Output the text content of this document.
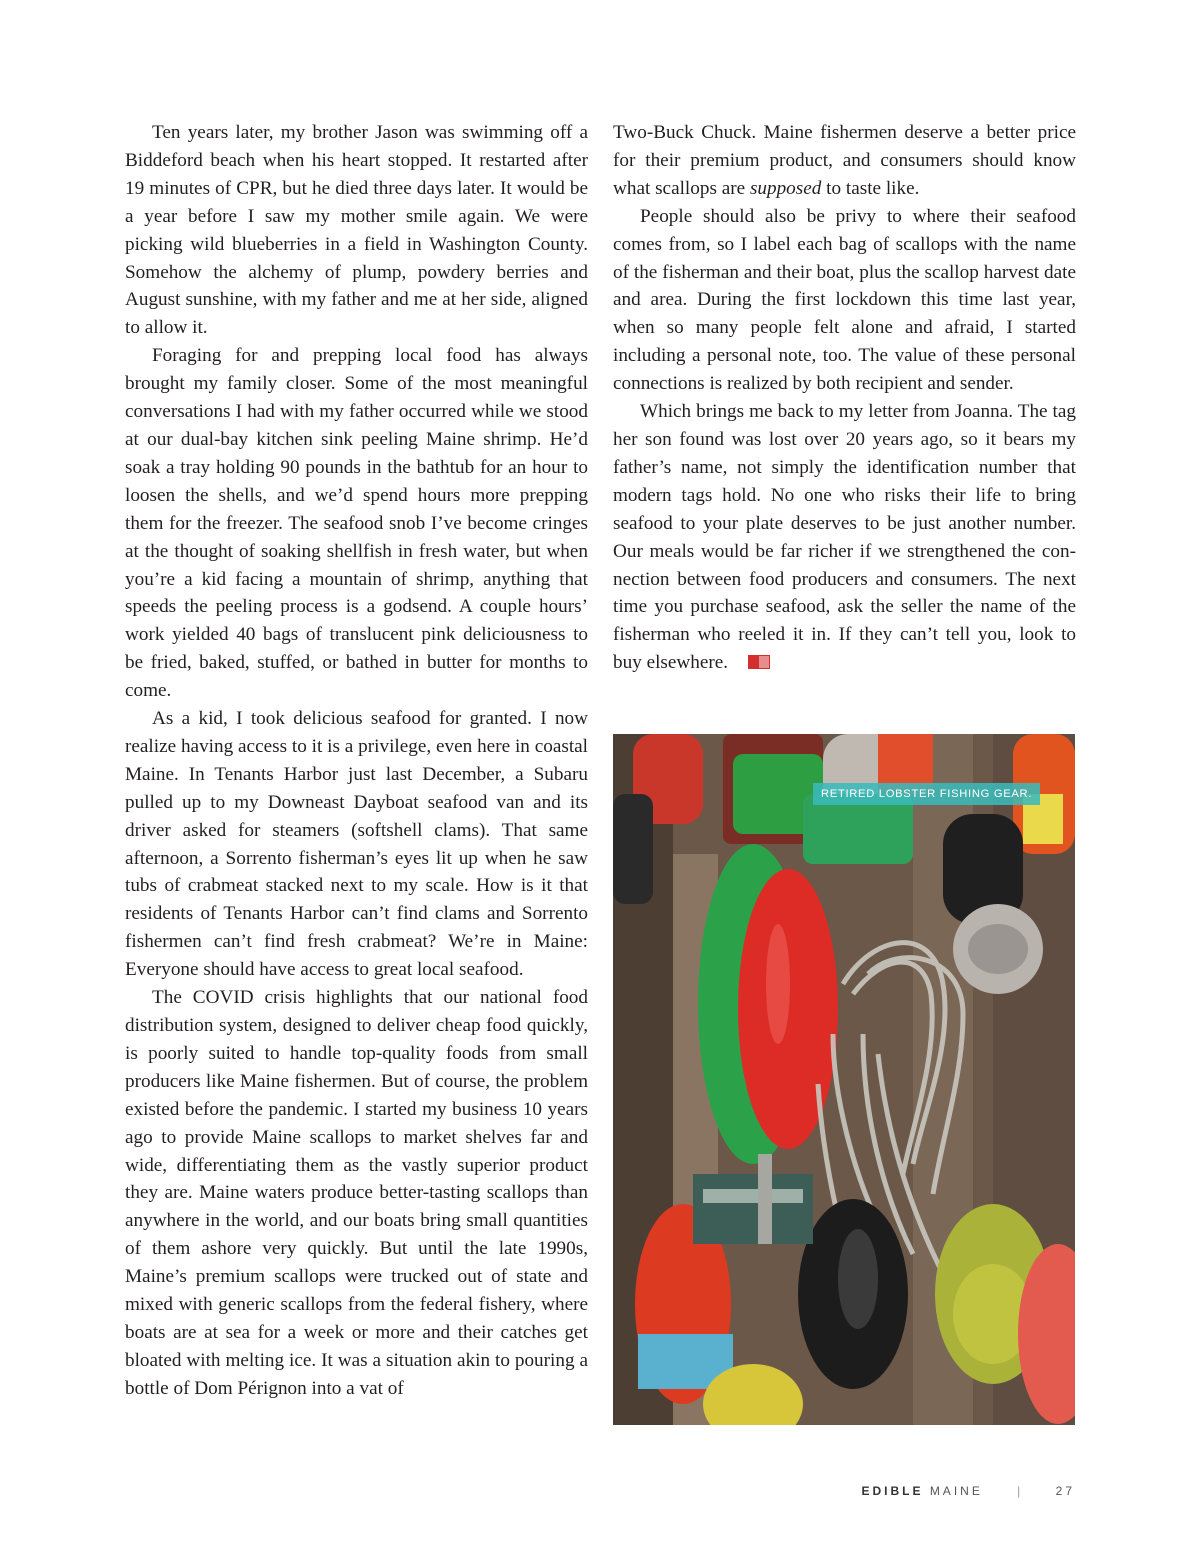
Ten years later, my brother Jason was swimming off a Biddeford beach when his heart stopped. It restarted after 19 minutes of CPR, but he died three days later. It would be a year before I saw my mother smile again. We were picking wild blueberries in a field in Washington County. Somehow the alchemy of plump, powdery berries and August sunshine, with my father and me at her side, aligned to allow it.

Foraging for and prepping local food has always brought my family closer. Some of the most meaningful conversations I had with my father occurred while we stood at our dual-bay kitchen sink peeling Maine shrimp. He’d soak a tray holding 90 pounds in the bathtub for an hour to loosen the shells, and we’d spend hours more prepping them for the freezer. The seafood snob I’ve become cringes at the thought of soaking shellfish in fresh water, but when you’re a kid facing a mountain of shrimp, anything that speeds the peeling process is a godsend. A couple hours’ work yielded 40 bags of translucent pink deliciousness to be fried, baked, stuffed, or bathed in butter for months to come.

As a kid, I took delicious seafood for granted. I now realize having access to it is a privilege, even here in coastal Maine. In Tenants Harbor just last December, a Subaru pulled up to my Downeast Dayboat seafood van and its driver asked for steamers (softshell clams). That same afternoon, a Sorrento fisherman’s eyes lit up when he saw tubs of crabmeat stacked next to my scale. How is it that residents of Tenants Harbor can’t find clams and Sorrento fishermen can’t find fresh crabmeat? We’re in Maine: Everyone should have access to great local seafood.

The COVID crisis highlights that our national food distribution system, designed to deliver cheap food quickly, is poorly suited to handle top-quality foods from small producers like Maine fishermen. But of course, the problem existed before the pandemic. I started my business 10 years ago to provide Maine scallops to market shelves far and wide, differentiating them as the vastly superior product they are. Maine waters produce better-tasting scallops than anywhere in the world, and our boats bring small quantities of them ashore very quickly. But until the late 1990s, Maine’s premium scallops were trucked out of state and mixed with generic scallops from the federal fishery, where boats are at sea for a week or more and their catches get bloated with melting ice. It was a situation akin to pouring a bottle of Dom Pérignon into a vat of

Two-Buck Chuck. Maine fishermen deserve a better price for their premium product, and consumers should know what scallops are supposed to taste like.

People should also be privy to where their seafood comes from, so I label each bag of scallops with the name of the fisherman and their boat, plus the scallop harvest date and area. During the first lockdown this time last year, when so many people felt alone and afraid, I started including a personal note, too. The value of these personal connections is realized by both recipient and sender.

Which brings me back to my letter from Joanna. The tag her son found was lost over 20 years ago, so it bears my father’s name, not simply the identification number that modern tags hold. No one who risks their life to bring seafood to your plate deserves to be just another number. Our meals would be far richer if we strengthened the connection between food producers and consumers. The next time you purchase seafood, ask the seller the name of the fisherman who reeled it in. If they can’t tell you, look to buy elsewhere.	EM

RETIRED LOBSTER FISHING GEAR.
EDIBLE MAINE	|	27
